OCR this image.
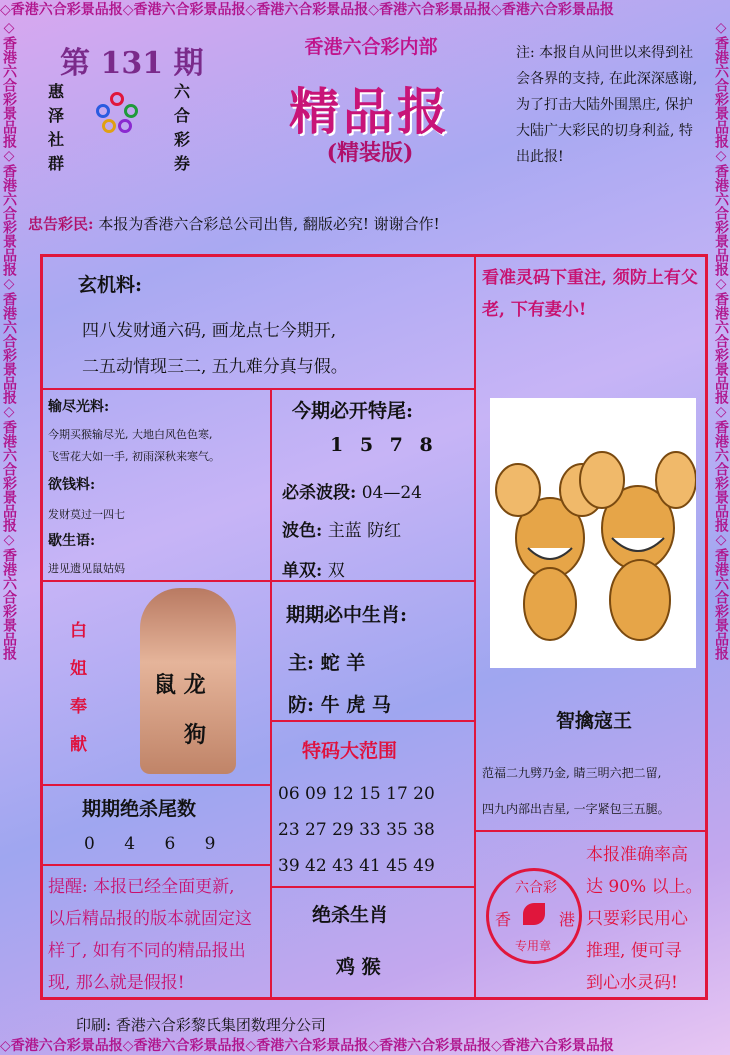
◇香港六合彩景品报◇香港六合彩景品报◇香港六合彩景品报◇香港六合彩景品报◇香港六合彩景品报
◇香港六合彩景品报◇香港六合彩景品报◇香港六合彩景品报◇香港六合彩景品报◇香港六合彩景品报
◇香港六合彩景品报◇香港六合彩景品报◇香港六合彩景品报◇香港六合彩景品报◇香港六合彩景品报	◇香港六合彩景品报◇香港六合彩景品报◇香港六合彩景品报◇香港六合彩景品报◇香港六合彩景品报
第 131 期
惠泽社群
六合彩券
香港六合彩内部
精品报
(精装版)
注: 本报自从问世以来得到社会各界的支持, 在此深深感谢, 为了打击大陆外围黑庄, 保护大陆广大彩民的切身利益, 特出此报!
忠告彩民: 本报为香港六合彩总公司出售, 翻版必究! 谢谢合作!
玄机料:
四八发财通六码, 画龙点七今期开,
二五动情现三二, 五九难分真与假。
看准灵码下重注, 须防上有父老, 下有妻小!
输尽光料:
今期买猴输尽光, 大地白风色色寒,
飞雪花大如一手, 初雨深秋来寒气。
欲钱料:
发财莫过一四七
歇生语:
进见遗见鼠姑妈
今期必开特尾:
1 5 7 8
必杀波段: 04—24
波色: 主蓝 防红
单双: 双
期期必中生肖:
主: 蛇 羊
防: 牛 虎 马
特码大范围
06 09 12 15 17 20
23 27 29 33 35 38
39 42 43 41 45 49
绝杀生肖
鸡 猴
白姐奉献
鼠 龙
狗
期期绝杀尾数
0 4 6 9
提醒: 本报已经全面更新,
以后精品报的版本就固定这
样了, 如有不同的精品报出
现, 那么就是假报!
智擒寇王
范福二九劈乃金, 睛三明六把二留,
四九内部出吉星, 一字紧包三五腿。
六合彩
香	港
专用章
本报准确率高
达 90% 以上。
只要彩民用心
推理, 便可寻
到心水灵码!
印刷: 香港六合彩黎氏集团数理分公司
